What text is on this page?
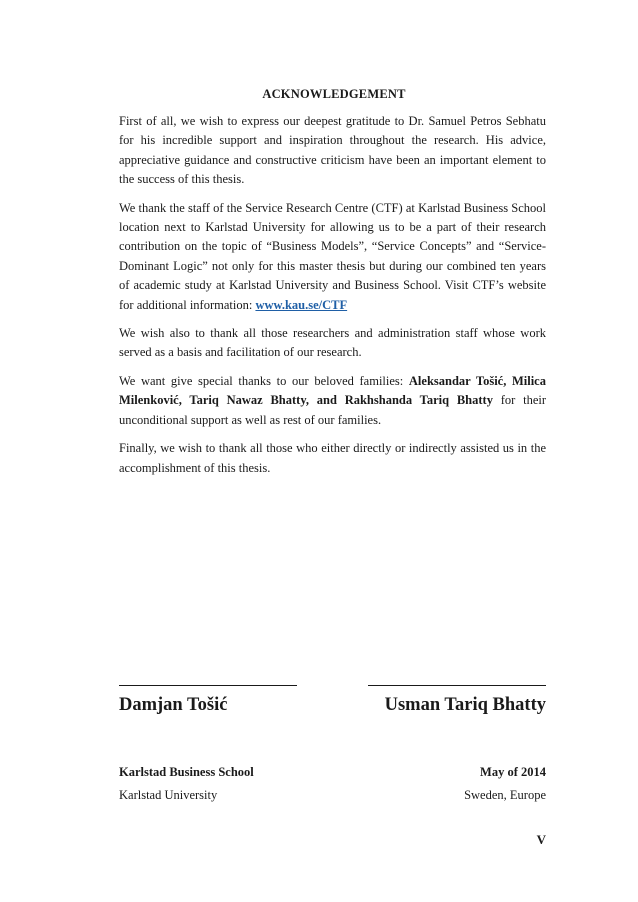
ACKNOWLEDGEMENT

First of all, we wish to express our deepest gratitude to Dr. Samuel Petros Sebhatu for his incredible support and inspiration throughout the research. His advice, appreciative guidance and constructive criticism have been an important element to the success of this thesis.

We thank the staff of the Service Research Centre (CTF) at Karlstad Business School location next to Karlstad University for allowing us to be a part of their research contribution on the topic of “Business Models”, “Service Concepts” and “Service-Dominant Logic” not only for this master thesis but during our combined ten years of academic study at Karlstad University and Business School. Visit CTF’s website for additional information: www.kau.se/CTF

We wish also to thank all those researchers and administration staff whose work served as a basis and facilitation of our research.

We want give special thanks to our beloved families: Aleksandar Tošić, Milica Milenković, Tariq Nawaz Bhatty, and Rakhshanda Tariq Bhatty for their unconditional support as well as rest of our families.

Finally, we wish to thank all those who either directly or indirectly assisted us in the accomplishment of this thesis.

Damjan Tošić	Usman Tariq Bhatty
Karlstad Business School	May of 2014
Karlstad University	Sweden, Europe
V
